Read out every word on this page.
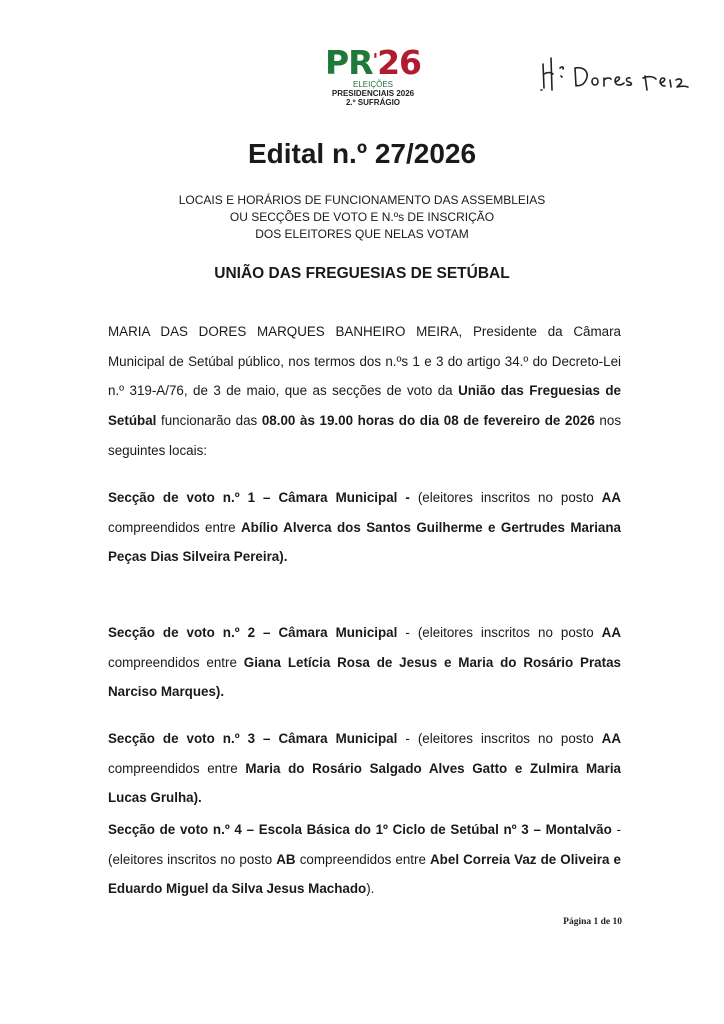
PR'26
ELEIÇÕES
PRESIDENCIAIS 2026
2.º SUFRÁGIO
Edital n.º 27/2026
LOCAIS E HORÁRIOS DE FUNCIONAMENTO DAS ASSEMBLEIAS
OU SECÇÕES DE VOTO E N.ºs DE INSCRIÇÃO
DOS ELEITORES QUE NELAS VOTAM
UNIÃO DAS FREGUESIAS DE SETÚBAL
MARIA DAS DORES MARQUES BANHEIRO MEIRA, Presidente da Câmara Municipal de Setúbal público, nos termos dos n.ºs 1 e 3 do artigo 34.º do Decreto-Lei n.º 319-A/76, de 3 de maio, que as secções de voto da União das Freguesias de Setúbal funcionarão das 08.00 às 19.00 horas do dia 08 de fevereiro de 2026 nos seguintes locais:
Secção de voto n.º 1 – Câmara Municipal - (eleitores inscritos no posto AA compreendidos entre Abílio Alverca dos Santos Guilherme e Gertrudes Mariana Peças Dias Silveira Pereira).
Secção de voto n.º 2 – Câmara Municipal - (eleitores inscritos no posto AA compreendidos entre Giana Letícia Rosa de Jesus e Maria do Rosário Pratas Narciso Marques).
Secção de voto n.º 3 – Câmara Municipal - (eleitores inscritos no posto AA compreendidos entre Maria do Rosário Salgado Alves Gatto e Zulmira Maria Lucas Grulha).
Secção de voto n.º 4 – Escola Básica do 1º Ciclo de Setúbal nº 3 – Montalvão - (eleitores inscritos no posto AB compreendidos entre Abel Correia Vaz de Oliveira e Eduardo Miguel da Silva Jesus Machado).
Página 1 de 10
